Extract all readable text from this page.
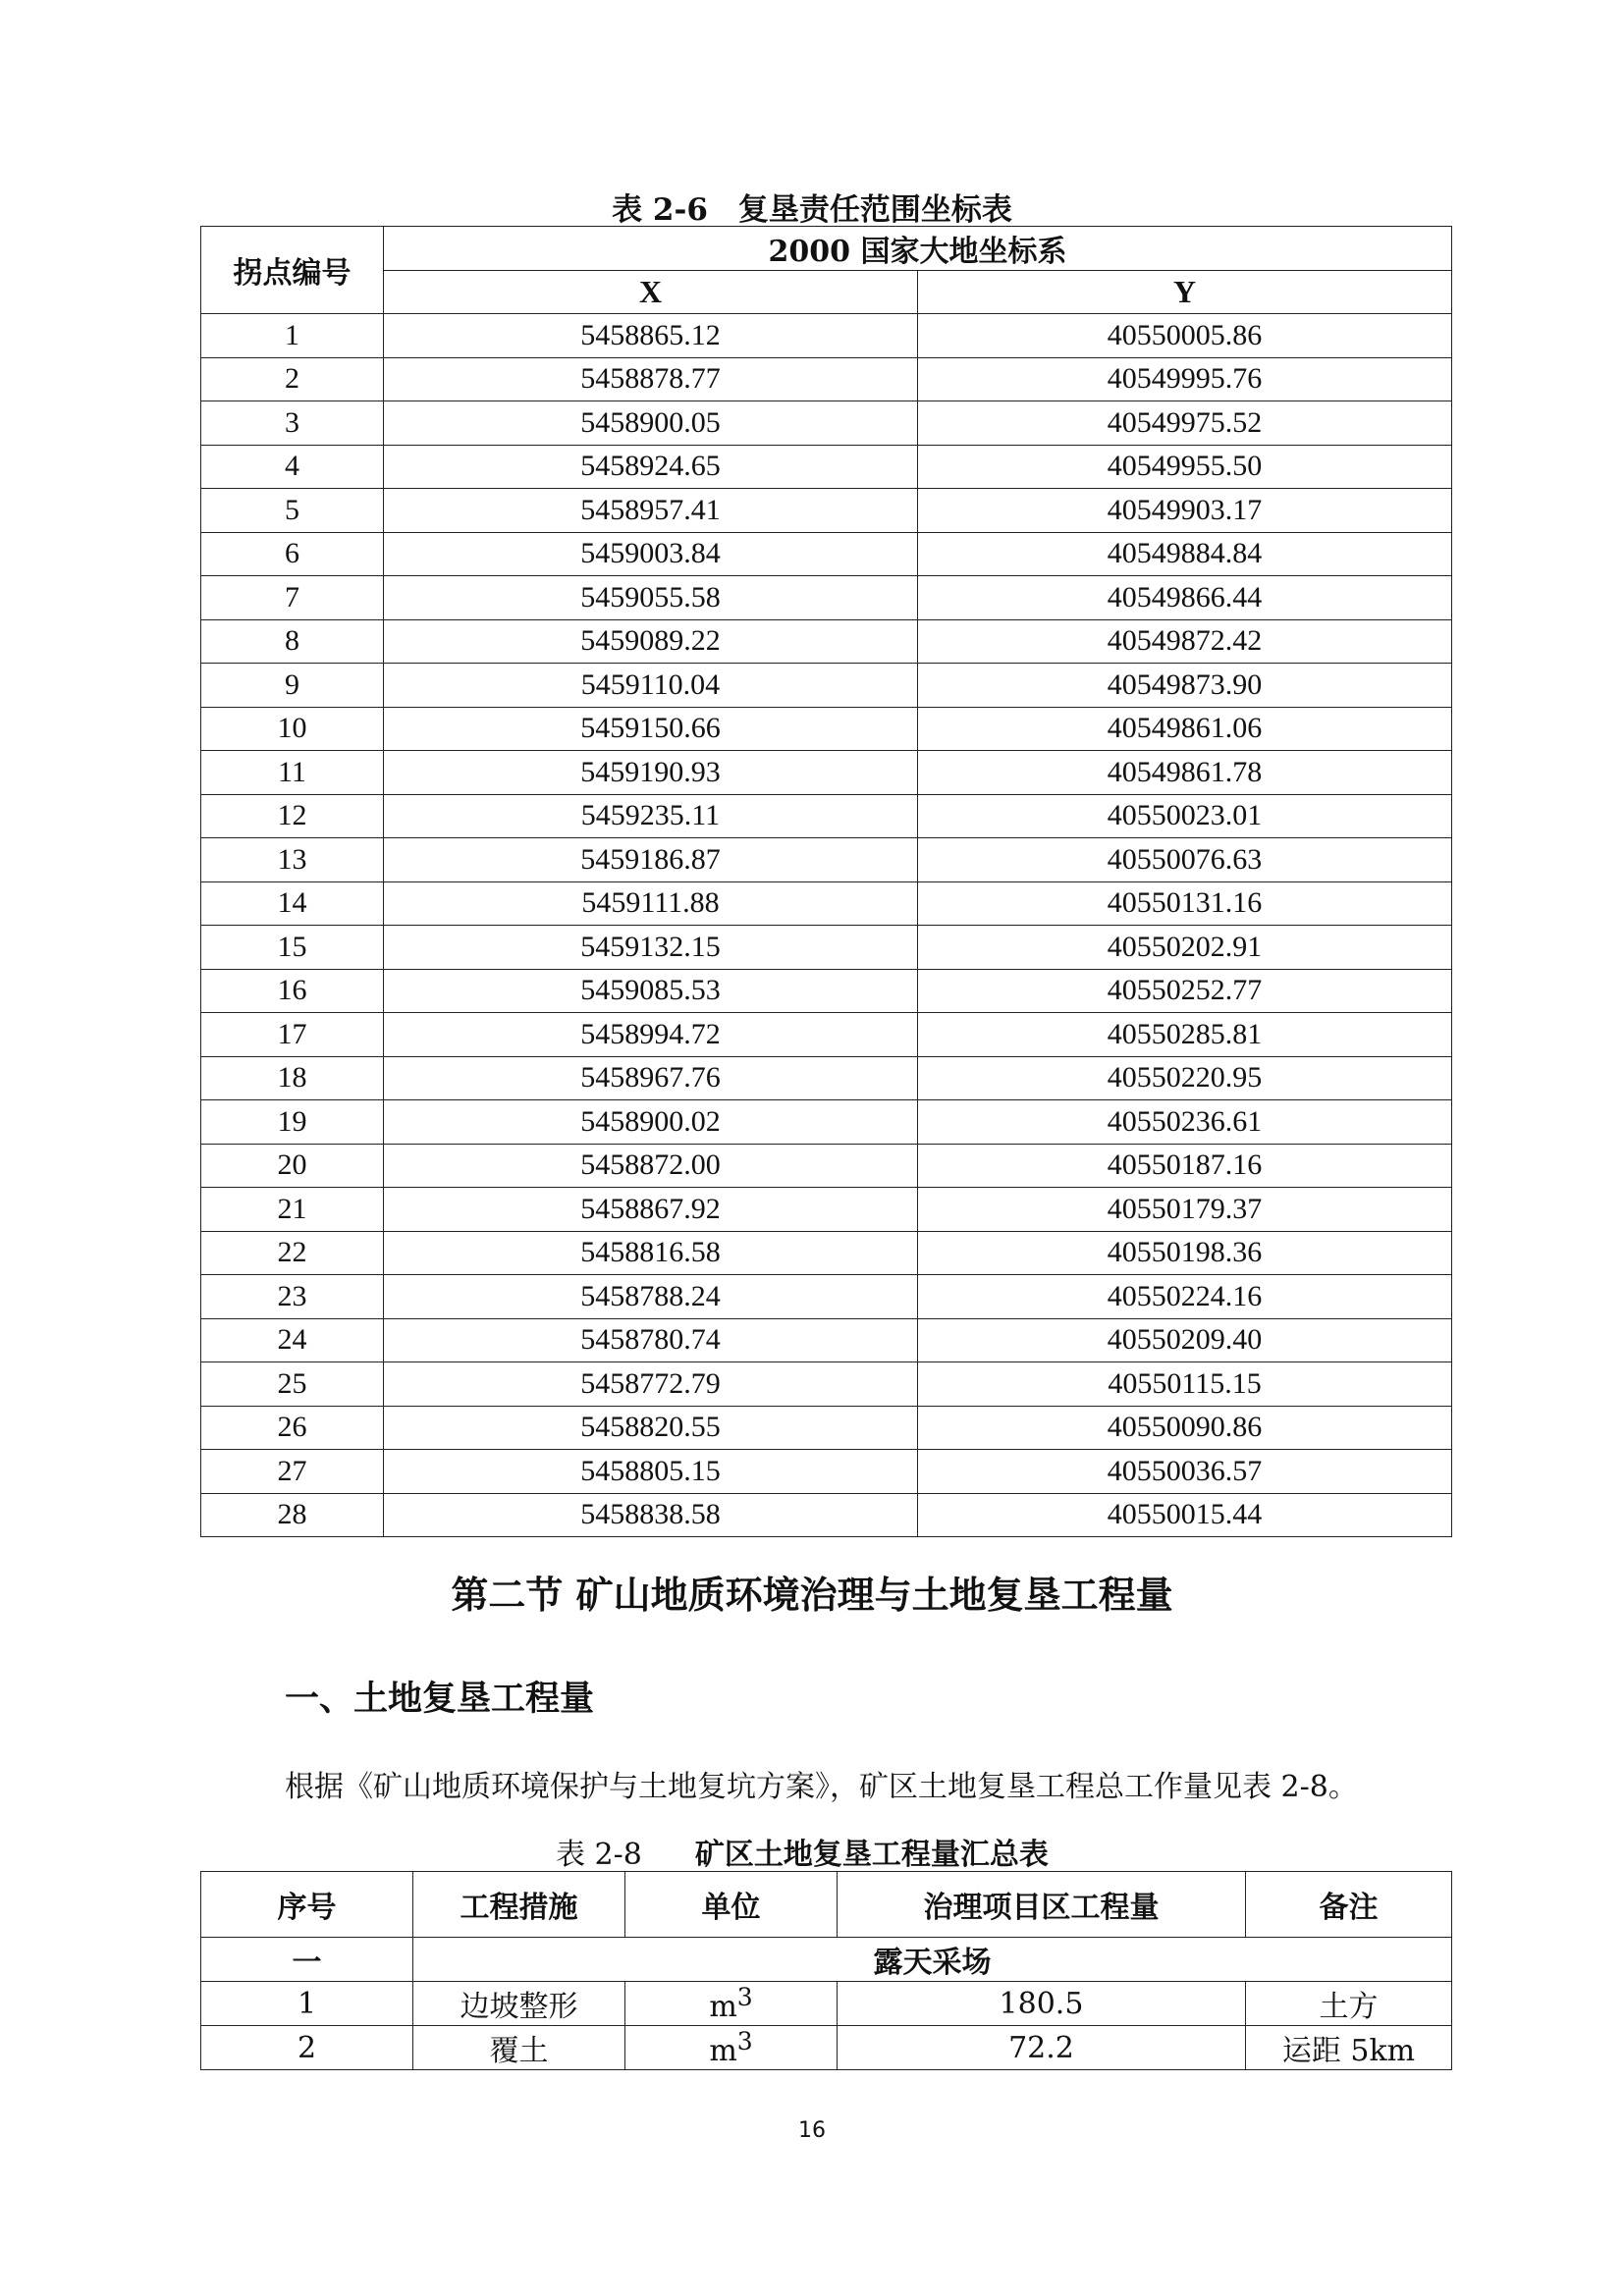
表 2-6　复垦责任范围坐标表
拐点编号	2000 国家大地坐标系	
	X	Y
1	5458865.12	40550005.86
2	5458878.77	40549995.76
3	5458900.05	40549975.52
4	5458924.65	40549955.50
5	5458957.41	40549903.17
6	5459003.84	40549884.84
7	5459055.58	40549866.44
8	5459089.22	40549872.42
9	5459110.04	40549873.90
10	5459150.66	40549861.06
11	5459190.93	40549861.78
12	5459235.11	40550023.01
13	5459186.87	40550076.63
14	5459111.88	40550131.16
15	5459132.15	40550202.91
16	5459085.53	40550252.77
17	5458994.72	40550285.81
18	5458967.76	40550220.95
19	5458900.02	40550236.61
20	5458872.00	40550187.16
21	5458867.92	40550179.37
22	5458816.58	40550198.36
23	5458788.24	40550224.16
24	5458780.74	40550209.40
25	5458772.79	40550115.15
26	5458820.55	40550090.86
27	5458805.15	40550036.57
28	5458838.58	40550015.44
第二节 矿山地质环境治理与土地复垦工程量
一、土地复垦工程量
根据《矿山地质环境保护与土地复坑方案》，矿区土地复垦工程总工作量见表 2-8。
表 2-8 矿区土地复垦工程量汇总表
序号	工程措施	单位	治理项目区工程量	备注
一	露天采场			
1	边坡整形	$m^3$	180.5	土方
2	覆土	$m^3$	72.2	运距 5km
16
